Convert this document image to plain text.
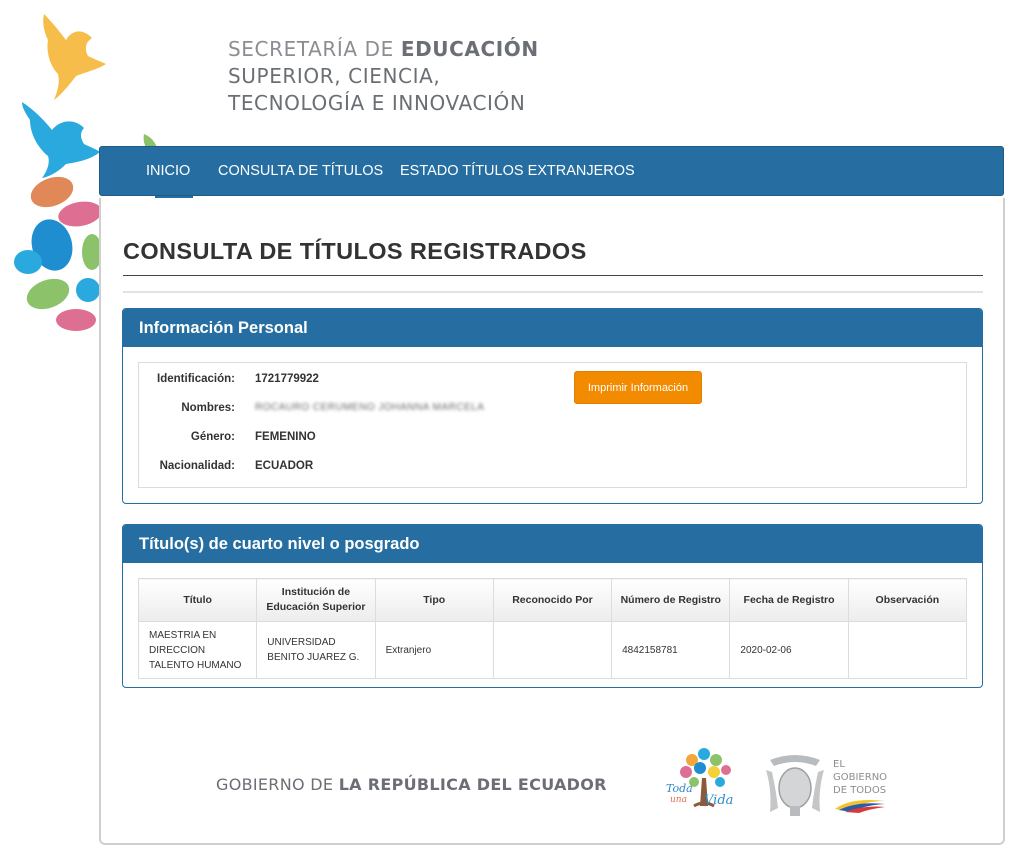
SECRETARÍA DE EDUCACIÓN
SUPERIOR, CIENCIA,
TECNOLOGÍA E INNOVACIÓN
INICIO CONSULTA DE TÍTULOS ESTADO TÍTULOS EXTRANJEROS
CONSULTA DE TÍTULOS REGISTRADOS
Información Personal
Identificación: 1721779922
Nombres: ROCAURO CERUMENO JOHANNA MARCELA
Género: FEMENINO
Nacionalidad: ECUADOR
Imprimir Información
Título(s) de cuarto nivel o posgrado
Título	Institución de Educación Superior	Tipo	Reconocido Por	Número de Registro	Fecha de Registro	Observación
MAESTRIA EN DIRECCION TALENTO HUMANO	UNIVERSIDAD BENITO JUAREZ G.	Extranjero		4842158781	2020-02-06	
GOBIERNO DE LA REPÚBLICA DEL ECUADOR	Toda
una Vida
EL
GOBIERNO
DE TODOS
